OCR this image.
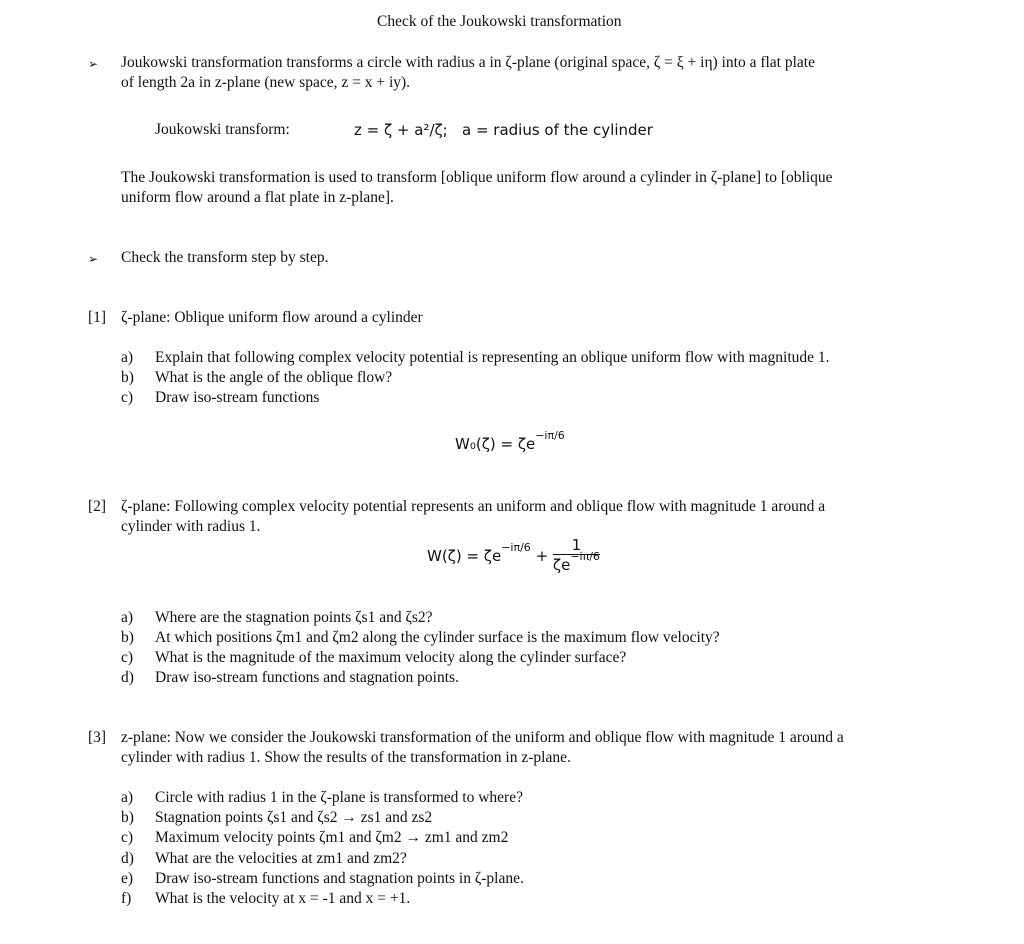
Check of the Joukowski transformation
➢ Joukowski transformation transforms a circle with radius a in ζ-plane (original space, ζ = ξ + iη) into a flat plate
of length 2a in z-plane (new space, z = x + iy).
Joukowski transform:	z = ζ + a²/ζ; a = radius of the cylinder
The Joukowski transformation is used to transform [oblique uniform flow around a cylinder in ζ-plane] to [oblique
uniform flow around a flat plate in z-plane].
➢ Check the transform step by step.
[1] ζ-plane: Oblique uniform flow around a cylinder
a) Explain that following complex velocity potential is representing an oblique uniform flow with magnitude 1.
b) What is the angle of the oblique flow?
c) Draw iso-stream functions
$W_0(\zeta) = \zeta e^{-i\pi/6}$
[2] ζ-plane: Following complex velocity potential represents an uniform and oblique flow with magnitude 1 around a
cylinder with radius 1.
$W(\zeta) = \zeta e^{-i\pi/6} + \frac{1}{\zeta e^{-i\pi/6}}$
a) Where are the stagnation points ζs1 and ζs2?
b) At which positions ζm1 and ζm2 along the cylinder surface is the maximum flow velocity?
c) What is the magnitude of the maximum velocity along the cylinder surface?
d) Draw iso-stream functions and stagnation points.
[3] z-plane: Now we consider the Joukowski transformation of the uniform and oblique flow with magnitude 1 around a
cylinder with radius 1. Show the results of the transformation in z-plane.
a) Circle with radius 1 in the ζ-plane is transformed to where?
b) Stagnation points ζs1 and ζs2 → zs1 and zs2
c) Maximum velocity points ζm1 and ζm2 → zm1 and zm2
d) What are the velocities at zm1 and zm2?
e) Draw iso-stream functions and stagnation points in ζ-plane.
f) What is the velocity at x = -1 and x = +1.
